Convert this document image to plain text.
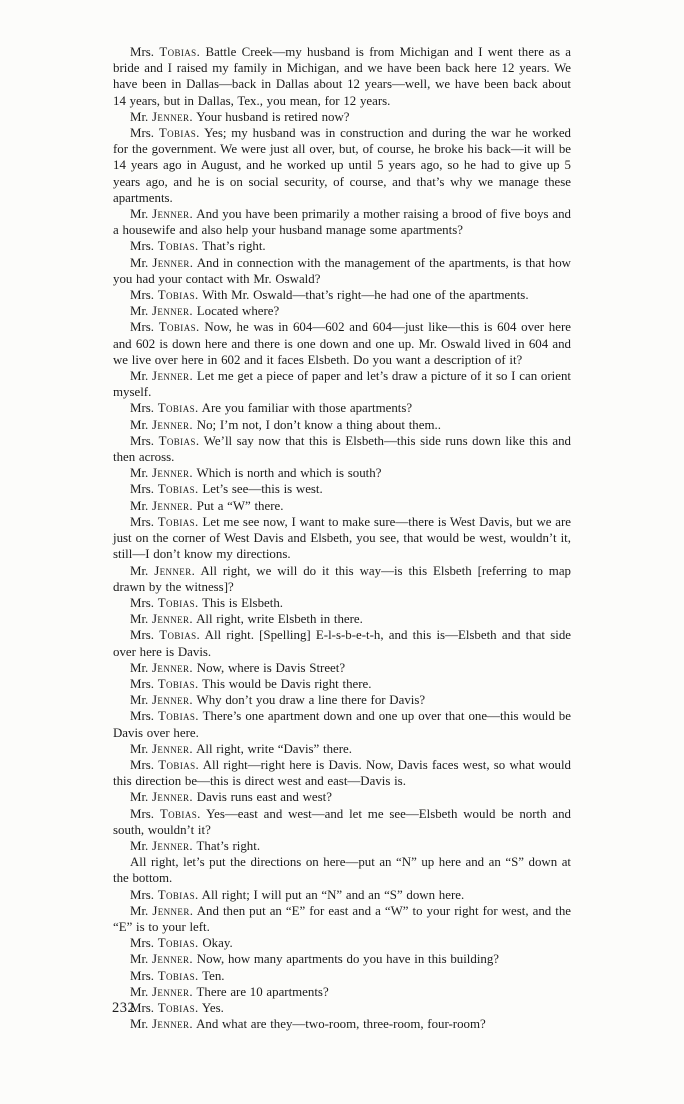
Mrs. Tobias. Battle Creek—my husband is from Michigan and I went there as a bride and I raised my family in Michigan, and we have been back here 12 years. We have been in Dallas—back in Dallas about 12 years—well, we have been back about 14 years, but in Dallas, Tex., you mean, for 12 years.

Mr. Jenner. Your husband is retired now?

Mrs. Tobias. Yes; my husband was in construction and during the war he worked for the government. We were just all over, but, of course, he broke his back—it will be 14 years ago in August, and he worked up until 5 years ago, so he had to give up 5 years ago, and he is on social security, of course, and that’s why we manage these apartments.

Mr. Jenner. And you have been primarily a mother raising a brood of five boys and a housewife and also help your husband manage some apartments?

Mrs. Tobias. That’s right.

Mr. Jenner. And in connection with the management of the apartments, is that how you had your contact with Mr. Oswald?

Mrs. Tobias. With Mr. Oswald—that’s right—he had one of the apartments.

Mr. Jenner. Located where?

Mrs. Tobias. Now, he was in 604—602 and 604—just like—this is 604 over here and 602 is down here and there is one down and one up. Mr. Oswald lived in 604 and we live over here in 602 and it faces Elsbeth. Do you want a description of it?

Mr. Jenner. Let me get a piece of paper and let’s draw a picture of it so I can orient myself.

Mrs. Tobias. Are you familiar with those apartments?

Mr. Jenner. No; I’m not, I don’t know a thing about them..

Mrs. Tobias. We’ll say now that this is Elsbeth—this side runs down like this and then across.

Mr. Jenner. Which is north and which is south?

Mrs. Tobias. Let’s see—this is west.

Mr. Jenner. Put a “W” there.

Mrs. Tobias. Let me see now, I want to make sure—there is West Davis, but we are just on the corner of West Davis and Elsbeth, you see, that would be west, wouldn’t it, still—I don’t know my directions.

Mr. Jenner. All right, we will do it this way—is this Elsbeth [referring to map drawn by the witness]?

Mrs. Tobias. This is Elsbeth.

Mr. Jenner. All right, write Elsbeth in there.

Mrs. Tobias. All right. [Spelling] E-l-s-b-e-t-h, and this is—Elsbeth and that side over here is Davis.

Mr. Jenner. Now, where is Davis Street?

Mrs. Tobias. This would be Davis right there.

Mr. Jenner. Why don’t you draw a line there for Davis?

Mrs. Tobias. There’s one apartment down and one up over that one—this would be Davis over here.

Mr. Jenner. All right, write “Davis” there.

Mrs. Tobias. All right—right here is Davis. Now, Davis faces west, so what would this direction be—this is direct west and east—Davis is.

Mr. Jenner. Davis runs east and west?

Mrs. Tobias. Yes—east and west—and let me see—Elsbeth would be north and south, wouldn’t it?

Mr. Jenner. That’s right.

All right, let’s put the directions on here—put an “N” up here and an “S” down at the bottom.

Mrs. Tobias. All right; I will put an “N” and an “S” down here.

Mr. Jenner. And then put an “E” for east and a “W” to your right for west, and the “E” is to your left.

Mrs. Tobias. Okay.

Mr. Jenner. Now, how many apartments do you have in this building?

Mrs. Tobias. Ten.

Mr. Jenner. There are 10 apartments?

Mrs. Tobias. Yes.

Mr. Jenner. And what are they—two-room, three-room, four-room?

232
